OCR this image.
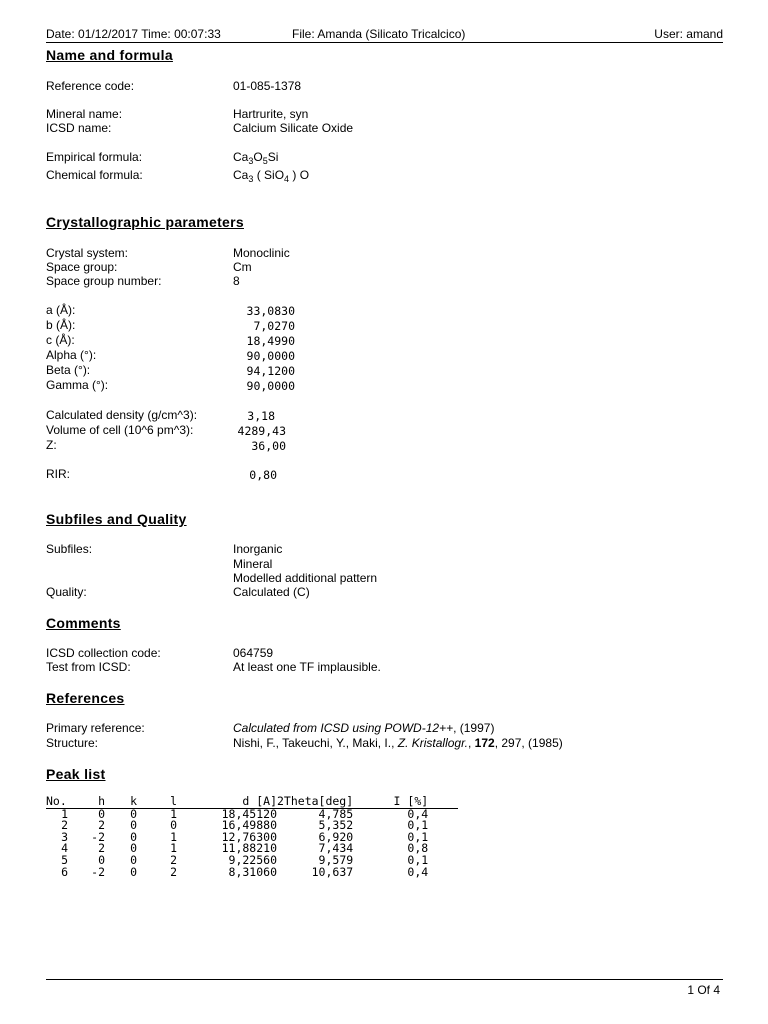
Date: 01/12/2017 Time: 00:07:33	File: Amanda (Silicato Tricalcico)	User: amand
Name and formula
Reference code:	01-085-1378
Mineral name:	Hartrurite, syn
ICSD name:	Calcium Silicate Oxide
Empirical formula:	$Ca_3O_5Si$
Chemical formula:	$Ca_3$ ( SiO$_4$ ) O
Crystallographic parameters
Crystal system:	Monoclinic
Space group:	Cm
Space group number:	8
a (Å):	33,0830
b (Å):	7,0270
c (Å):	18,4990
Alpha (°):	90,0000
Beta (°):	94,1200
Gamma (°):	90,0000
Calculated density (g/cm^3):	3,18
Volume of cell (10^6 pm^3):	4289,43
Z:	36,00
RIR:	0,80
Subfiles and Quality
Subfiles:	Inorganic
Mineral
Modelled additional pattern
Quality:	Calculated (C)
Comments
ICSD collection code:	064759
Test from ICSD:	At least one TF implausible.
References
Primary reference:	Calculated from ICSD using POWD-12++, (1997)
Structure:	Nishi, F., Takeuchi, Y., Maki, I., Z. Kristallogr., 172, 297, (1985)
Peak list
No.	h	k	l	d [A]	2Theta[deg]	I [%]	
1	0	0	1	18,45120	4,785	0,4	
2	2	0	0	16,49880	5,352	0,1	
3	-2	0	1	12,76300	6,920	0,1	
4	2	0	1	11,88210	7,434	0,8	
5	0	0	2	9,22560	9,579	0,1	
6	-2	0	2	8,31060	10,637	0,4	
1 Of 4
